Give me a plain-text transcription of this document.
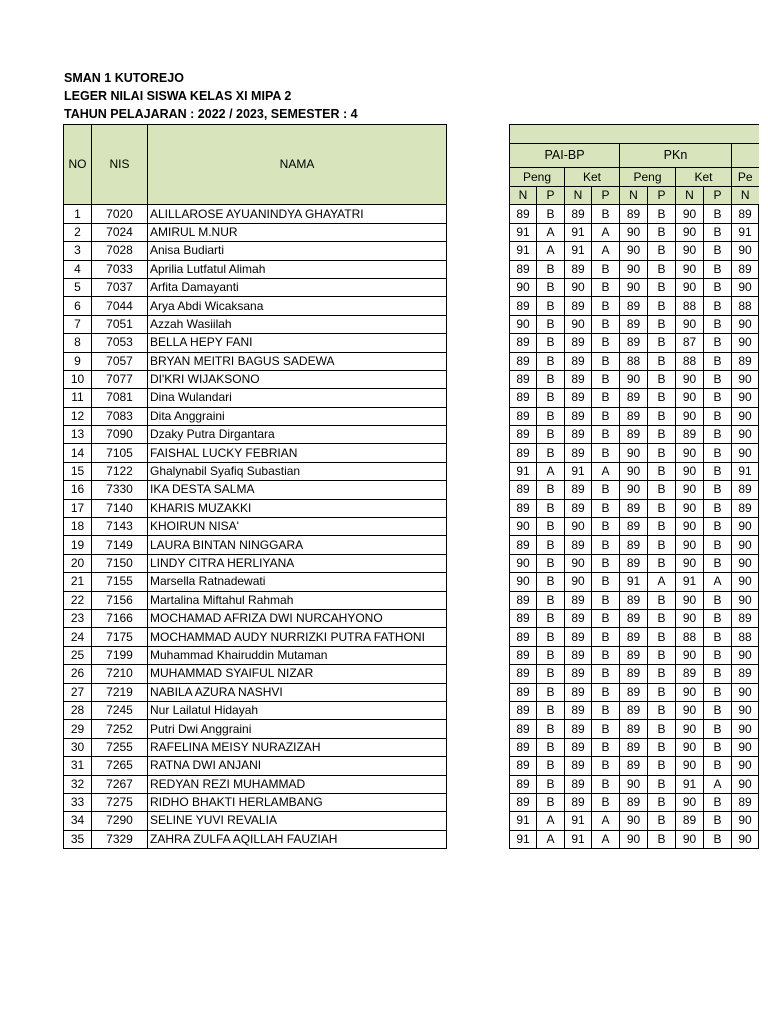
SMAN 1 KUTOREJO
LEGER NILAI SISWA KELAS XI MIPA 2
TAHUN PELAJARAN : 2022 / 2023, SEMESTER : 4
NO	NIS	NAMA										
				PAI-BP				PKn				
				Peng		Ket		Peng		Ket		Pe
				N	P	N	P	N	P	N	P	N
1	7020	ALILLAROSE AYUANINDYA GHAYATRI		89	B	89	B	89	B	90	B	89
2	7024	AMIRUL M.NUR		91	A	91	A	90	B	90	B	91
3	7028	Anisa Budiarti		91	A	91	A	90	B	90	B	90
4	7033	Aprilia Lutfatul Alimah		89	B	89	B	90	B	90	B	89
5	7037	Arfita Damayanti		90	B	90	B	90	B	90	B	90
6	7044	Arya Abdi Wicaksana		89	B	89	B	89	B	88	B	88
7	7051	Azzah Wasiilah		90	B	90	B	89	B	90	B	90
8	7053	BELLA HEPY FANI		89	B	89	B	89	B	87	B	90
9	7057	BRYAN MEITRI BAGUS SADEWA		89	B	89	B	88	B	88	B	89
10	7077	DI'KRI WIJAKSONO		89	B	89	B	90	B	90	B	90
11	7081	Dina Wulandari		89	B	89	B	89	B	90	B	90
12	7083	Dita Anggraini		89	B	89	B	89	B	90	B	90
13	7090	Dzaky Putra Dirgantara		89	B	89	B	89	B	89	B	90
14	7105	FAISHAL LUCKY FEBRIAN		89	B	89	B	90	B	90	B	90
15	7122	Ghalynabil Syafiq Subastian		91	A	91	A	90	B	90	B	91
16	7330	IKA DESTA SALMA		89	B	89	B	90	B	90	B	89
17	7140	KHARIS MUZAKKI		89	B	89	B	89	B	90	B	89
18	7143	KHOIRUN NISA'		90	B	90	B	89	B	90	B	90
19	7149	LAURA BINTAN NINGGARA		89	B	89	B	89	B	90	B	90
20	7150	LINDY CITRA HERLIYANA		90	B	90	B	89	B	90	B	90
21	7155	Marsella Ratnadewati		90	B	90	B	91	A	91	A	90
22	7156	Martalina Miftahul Rahmah		89	B	89	B	89	B	90	B	90
23	7166	MOCHAMAD AFRIZA DWI NURCAHYONO		89	B	89	B	89	B	90	B	89
24	7175	MOCHAMMAD AUDY NURRIZKI PUTRA FATHONI		89	B	89	B	89	B	88	B	88
25	7199	Muhammad Khairuddin Mutaman		89	B	89	B	89	B	90	B	90
26	7210	MUHAMMAD SYAIFUL NIZAR		89	B	89	B	89	B	89	B	89
27	7219	NABILA AZURA NASHVI		89	B	89	B	89	B	90	B	90
28	7245	Nur Lailatul Hidayah		89	B	89	B	89	B	90	B	90
29	7252	Putri Dwi Anggraini		89	B	89	B	89	B	90	B	90
30	7255	RAFELINA MEISY NURAZIZAH		89	B	89	B	89	B	90	B	90
31	7265	RATNA DWI ANJANI		89	B	89	B	89	B	90	B	90
32	7267	REDYAN REZI MUHAMMAD		89	B	89	B	90	B	91	A	90
33	7275	RIDHO BHAKTI HERLAMBANG		89	B	89	B	89	B	90	B	89
34	7290	SELINE YUVI REVALIA		91	A	91	A	90	B	89	B	90
35	7329	ZAHRA ZULFA AQILLAH FAUZIAH		91	A	91	A	90	B	90	B	90
